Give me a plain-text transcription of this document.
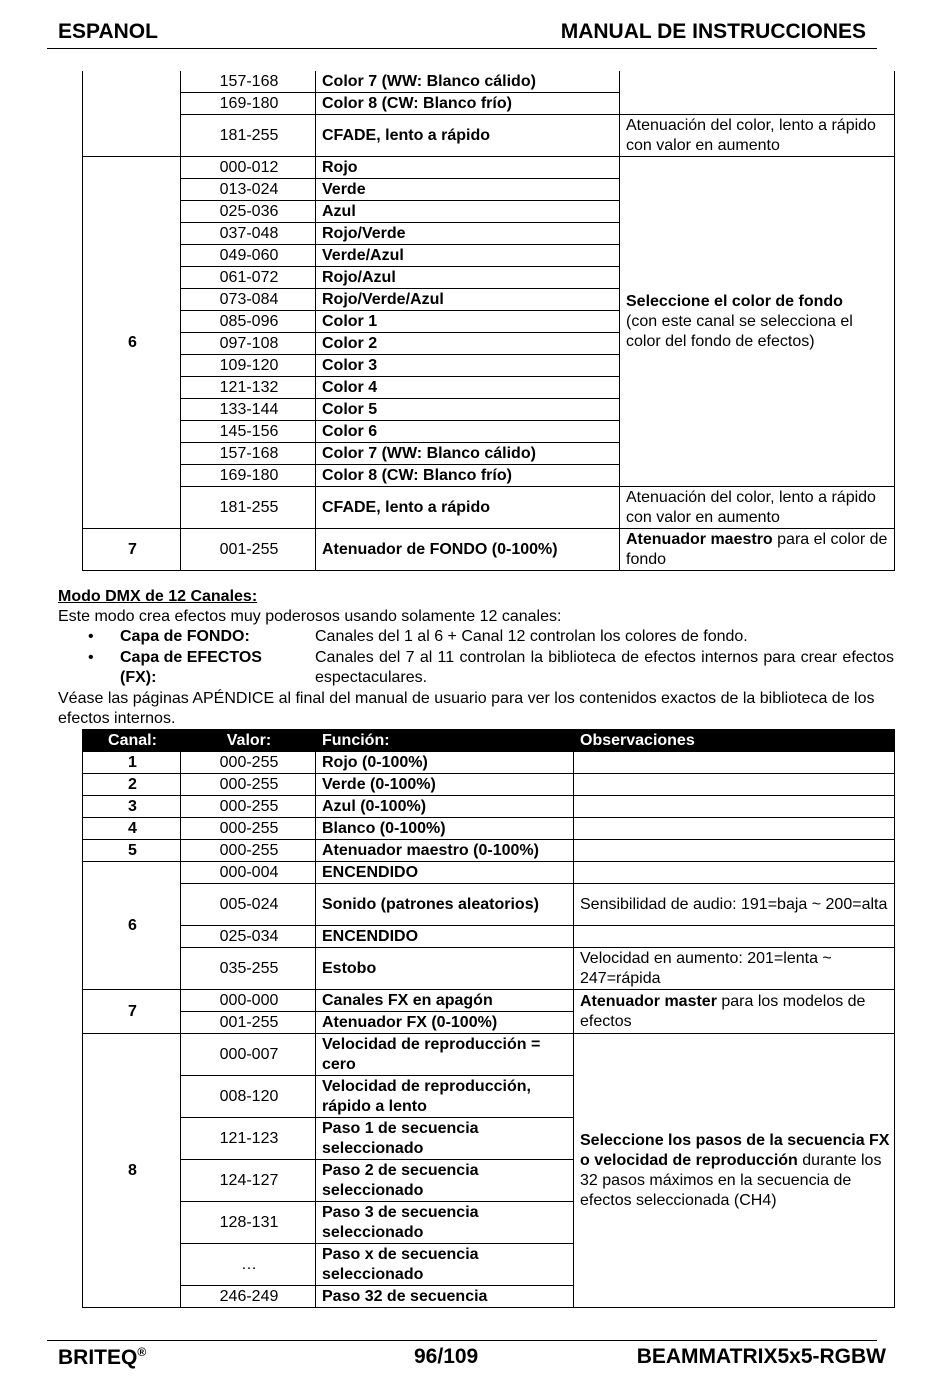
ESPANOL	MANUAL DE INSTRUCCIONES
	157-168	Color 7 (WW: Blanco cálido)	
	169-180	Color 8 (CW: Blanco frío)	
	181-255	CFADE, lento a rápido	Atenuación del color, lento a rápido con valor en aumento
6	000-012	Rojo	Seleccione el color de fondo
(con este canal se selecciona el color del fondo de efectos)
	013-024	Verde	
	025-036	Azul	
	037-048	Rojo/Verde	
	049-060	Verde/Azul	
	061-072	Rojo/Azul	
	073-084	Rojo/Verde/Azul	
	085-096	Color 1	
	097-108	Color 2	
	109-120	Color 3	
	121-132	Color 4	
	133-144	Color 5	
	145-156	Color 6	
	157-168	Color 7 (WW: Blanco cálido)	
	169-180	Color 8 (CW: Blanco frío)	
	181-255	CFADE, lento a rápido	Atenuación del color, lento a rápido con valor en aumento
7	001-255	Atenuador de FONDO (0-100%)	Atenuador maestro para el color de fondo
Modo DMX de 12 Canales:
Este modo crea efectos muy poderosos usando solamente 12 canales:
• Capa de FONDO:	Canales del 1 al 6 + Canal 12 controlan los colores de fondo.
• Capa de EFECTOS (FX):
Canales del 7 al 11 controlan la biblioteca de efectos internos para crear efectos espectaculares.
Véase las páginas APÉNDICE al final del manual de usuario para ver los contenidos exactos de la biblioteca de los efectos internos.
Canal:	Valor:	Función:	Observaciones
1	000-255	Rojo (0-100%)	
2	000-255	Verde (0-100%)	
3	000-255	Azul (0-100%)	
4	000-255	Blanco (0-100%)	
5	000-255	Atenuador maestro (0-100%)	
6	000-004	ENCENDIDO	
	005-024	Sonido (patrones aleatorios)	Sensibilidad de audio: 191=baja ~ 200=alta
	025-034	ENCENDIDO	
	035-255	Estobo	Velocidad en aumento: 201=lenta ~ 247=rápida
7	000-000	Canales FX en apagón	Atenuador master para los modelos de efectos
	001-255	Atenuador FX (0-100%)	
8	000-007	Velocidad de reproducción = cero	Seleccione los pasos de la secuencia FX o velocidad de reproducción durante los 32 pasos máximos en la secuencia de efectos seleccionada (CH4)
	008-120	Velocidad de reproducción, rápido a lento	
	121-123	Paso 1 de secuencia seleccionado	
	124-127	Paso 2 de secuencia seleccionado	
	128-131	Paso 3 de secuencia seleccionado	
	…	Paso x de secuencia seleccionado	
	246-249	Paso 32 de secuencia	
BRITEQ®	96/109	BEAMMATRIX5x5-RGBW
